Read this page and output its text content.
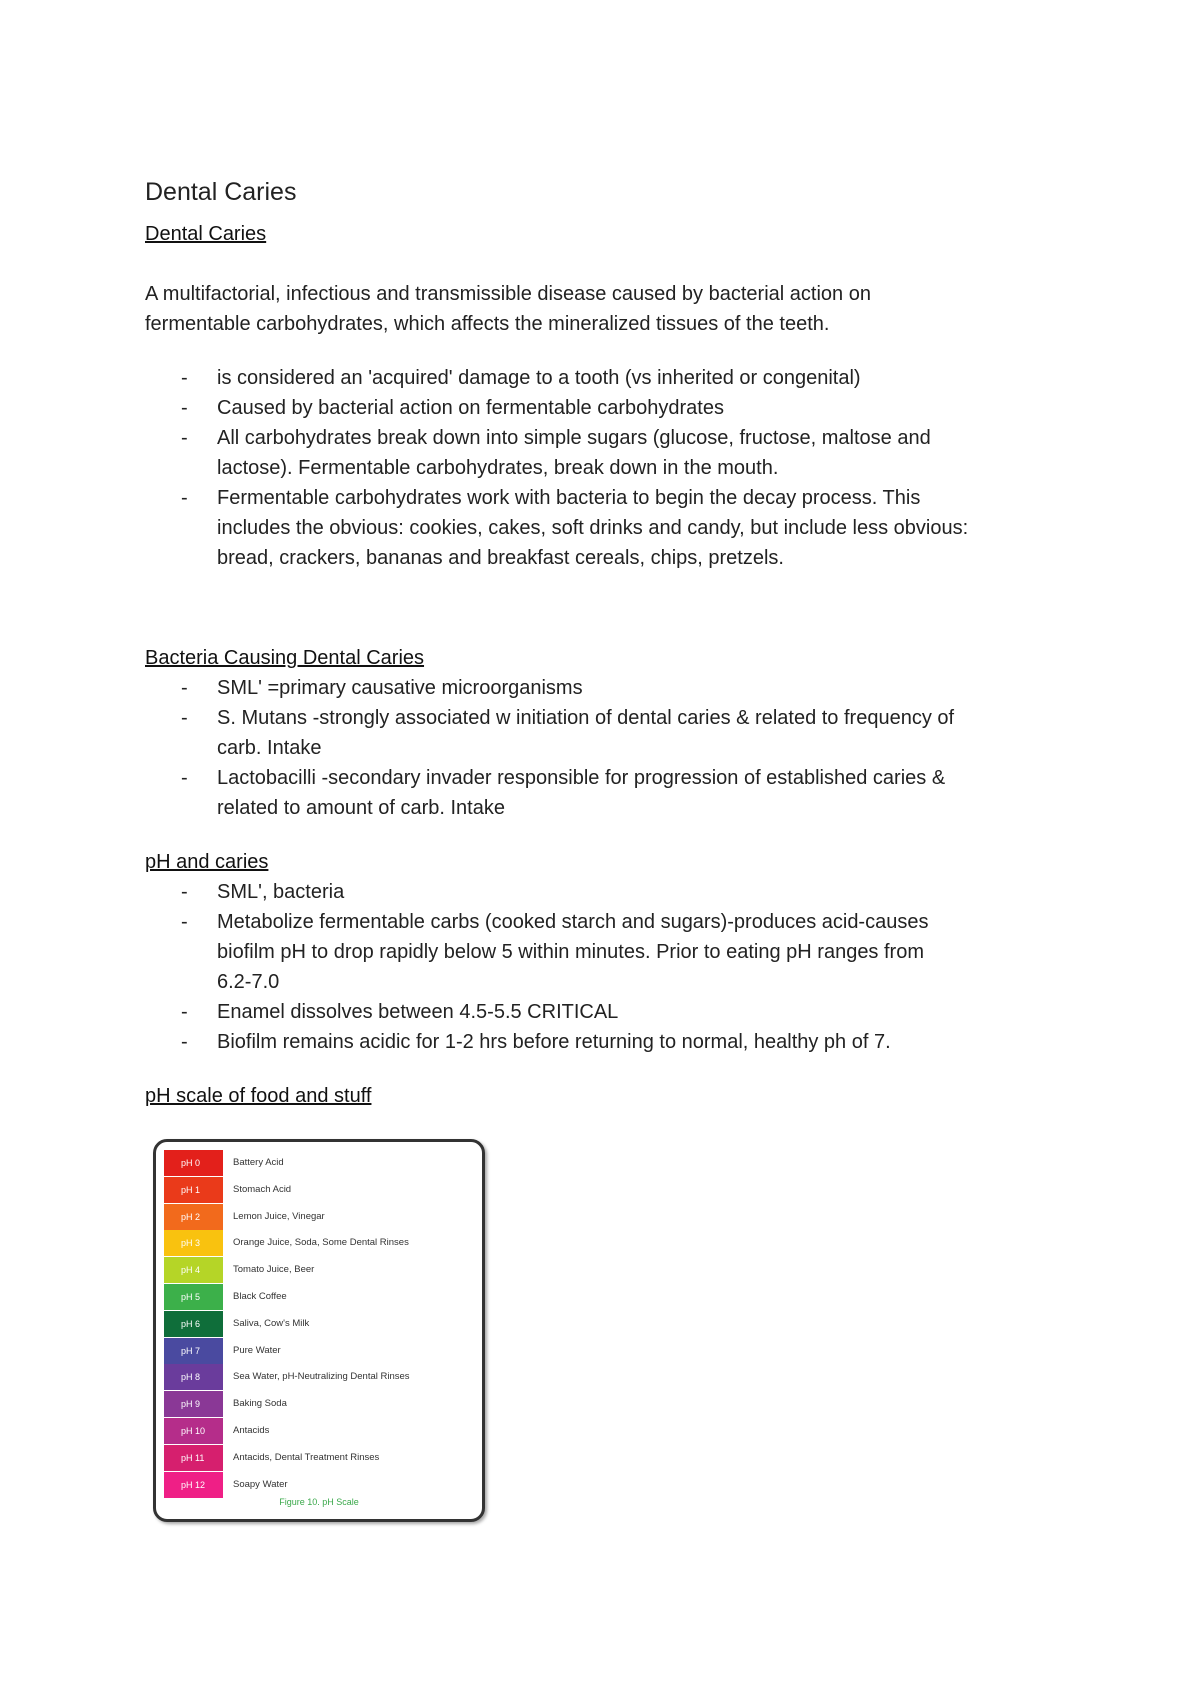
Dental Caries

Dental Caries

A multifactorial, infectious and transmissible disease caused by bacterial action on
fermentable carbohydrates, which affects the mineralized tissues of the teeth.

- is considered an 'acquired' damage to a tooth (vs inherited or congenital)
- Caused by bacterial action on fermentable carbohydrates
- All carbohydrates break down into simple sugars (glucose, fructose, maltose and
lactose). Fermentable carbohydrates, break down in the mouth.
- Fermentable carbohydrates work with bacteria to begin the decay process. This
includes the obvious: cookies, cakes, soft drinks and candy, but include less obvious:
bread, crackers, bananas and breakfast cereals, chips, pretzels.

Bacteria Causing Dental Caries

- SML' =primary causative microorganisms
- S. Mutans -strongly associated w initiation of dental caries & related to frequency of
carb. Intake
- Lactobacilli -secondary invader responsible for progression of established caries &
related to amount of carb. Intake

pH and caries

- SML', bacteria
- Metabolize fermentable carbs (cooked starch and sugars)-produces acid-causes
biofilm pH to drop rapidly below 5 within minutes. Prior to eating pH ranges from
6.2-7.0
- Enamel dissolves between 4.5-5.5 CRITICAL
- Biofilm remains acidic for 1-2 hrs before returning to normal, healthy ph of 7.

pH scale of food and stuff

Figure 10. pH Scale
pH 0	Battery Acid
pH 1	Stomach Acid
pH 2	Lemon Juice, Vinegar
pH 3	Orange Juice, Soda, Some Dental Rinses
pH 4	Tomato Juice, Beer
pH 5	Black Coffee
pH 6	Saliva, Cow's Milk
pH 7	Pure Water
pH 8	Sea Water, pH-Neutralizing Dental Rinses
pH 9	Baking Soda
pH 10	Antacids
pH 11	Antacids, Dental Treatment Rinses
pH 12	Soapy Water
